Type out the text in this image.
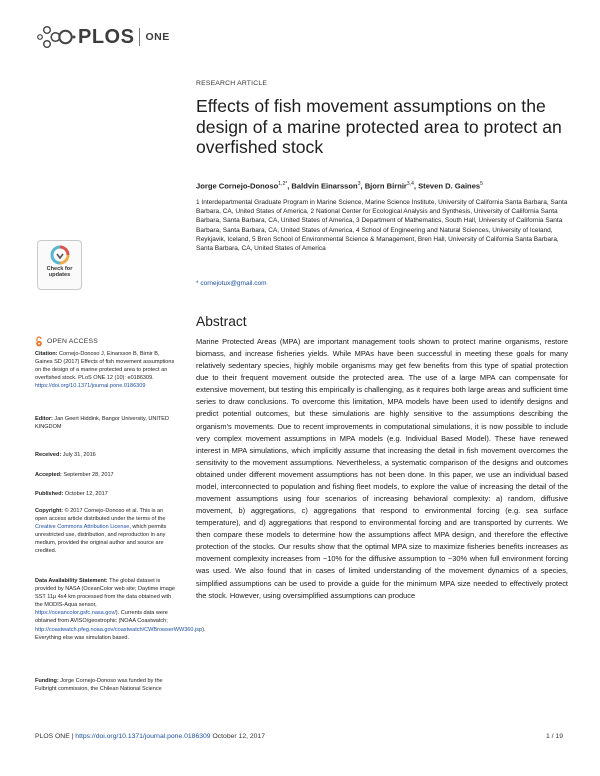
PLOS ONE
Check for
updates
RESEARCH ARTICLE
Effects of fish movement assumptions on the design of a marine protected area to protect an overfished stock

Jorge Cornejo-Donoso$^{1,2*}$, Baldvin Einarsson$^3$, Bjorn Birnir$^{3,4}$, Steven D. Gaines$^5$

1 Interdepartmental Graduate Program in Marine Science, Marine Science Institute, University of California Santa Barbara, Santa Barbara, CA, United States of America, 2 National Center for Ecological Analysis and Synthesis, University of California Santa Barbara, Santa Barbara, CA, United States of America, 3 Department of Mathematics, South Hall, University of California Santa Barbara, Santa Barbara, CA, United States of America, 4 School of Engineering and Natural Sciences, University of Iceland, Reykjavik, Iceland, 5 Bren School of Environmental Science & Management, Bren Hall, University of California Santa Barbara, Santa Barbara, CA, United States of America

* cornejotux@gmail.com
Abstract

Marine Protected Areas (MPA) are important management tools shown to protect marine organisms, restore biomass, and increase fisheries yields. While MPAs have been successful in meeting these goals for many relatively sedentary species, highly mobile organisms may get few benefits from this type of spatial protection due to their frequent movement outside the protected area. The use of a large MPA can compensate for extensive movement, but testing this empirically is challenging, as it requires both large areas and sufficient time series to draw conclusions. To overcome this limitation, MPA models have been used to identify designs and predict potential outcomes, but these simulations are highly sensitive to the assumptions describing the organism's movements. Due to recent improvements in computational simulations, it is now possible to include very complex movement assumptions in MPA models (e.g. Individual Based Model). These have renewed interest in MPA simulations, which implicitly assume that increasing the detail in fish movement overcomes the sensitivity to the movement assumptions. Nevertheless, a systematic comparison of the designs and outcomes obtained under different movement assumptions has not been done. In this paper, we use an individual based model, interconnected to population and fishing fleet models, to explore the value of increasing the detail of the movement assumptions using four scenarios of increasing behavioral complexity: a) random, diffusive movement, b) aggregations, c) aggregations that respond to environmental forcing (e.g. sea surface temperature), and d) aggregations that respond to environmental forcing and are transported by currents. We then compare these models to determine how the assumptions affect MPA design, and therefore the effective protection of the stocks. Our results show that the optimal MPA size to maximize fisheries benefits increases as movement complexity increases from ~10% for the diffusive assumption to ~30% when full environment forcing was used. We also found that in cases of limited understanding of the movement dynamics of a species, simplified assumptions can be used to provide a guide for the minimum MPA size needed to effectively protect the stock. However, using oversimplified assumptions can produce

OPEN ACCESS

Citation: Cornejo-Donoso J, Einarsson B, Birnir B, Gaines SD (2017) Effects of fish movement assumptions on the design of a marine protected area to protect an overfished stock. PLoS ONE 12 (10): e0186309. https://doi.org/10.1371/journal.pone.0186309

Editor: Jan Geert Hiddink, Bangor University, UNITED KINGDOM

Received: July 31, 2016

Accepted: September 28, 2017

Published: October 12, 2017

Copyright: © 2017 Cornejo-Donoso et al. This is an open access article distributed under the terms of the Creative Commons Attribution License, which permits unrestricted use, distribution, and reproduction in any medium, provided the original author and source are credited.

Data Availability Statement: The global dataset is provided by NASA (OceanColor web site; Daytime image SST 11μ 4x4 km processed from the data obtained with the MODIS-Aqua sensor, https://oceancolor.gsfc.nasa.gov/). Currents data were obtained from AVISO/geostrophic (NOAA Coastwatch; http://coastwatch.pfeg.noaa.gov/coastwatch/CWBrowserWW360.jsp). Everything else was simulation based.

Funding: Jorge Cornejo-Donoso was funded by the Fulbright commission, the Chilean National Science

PLOS ONE | https://doi.org/10.1371/journal.pone.0186309 October 12, 2017	1 / 19
